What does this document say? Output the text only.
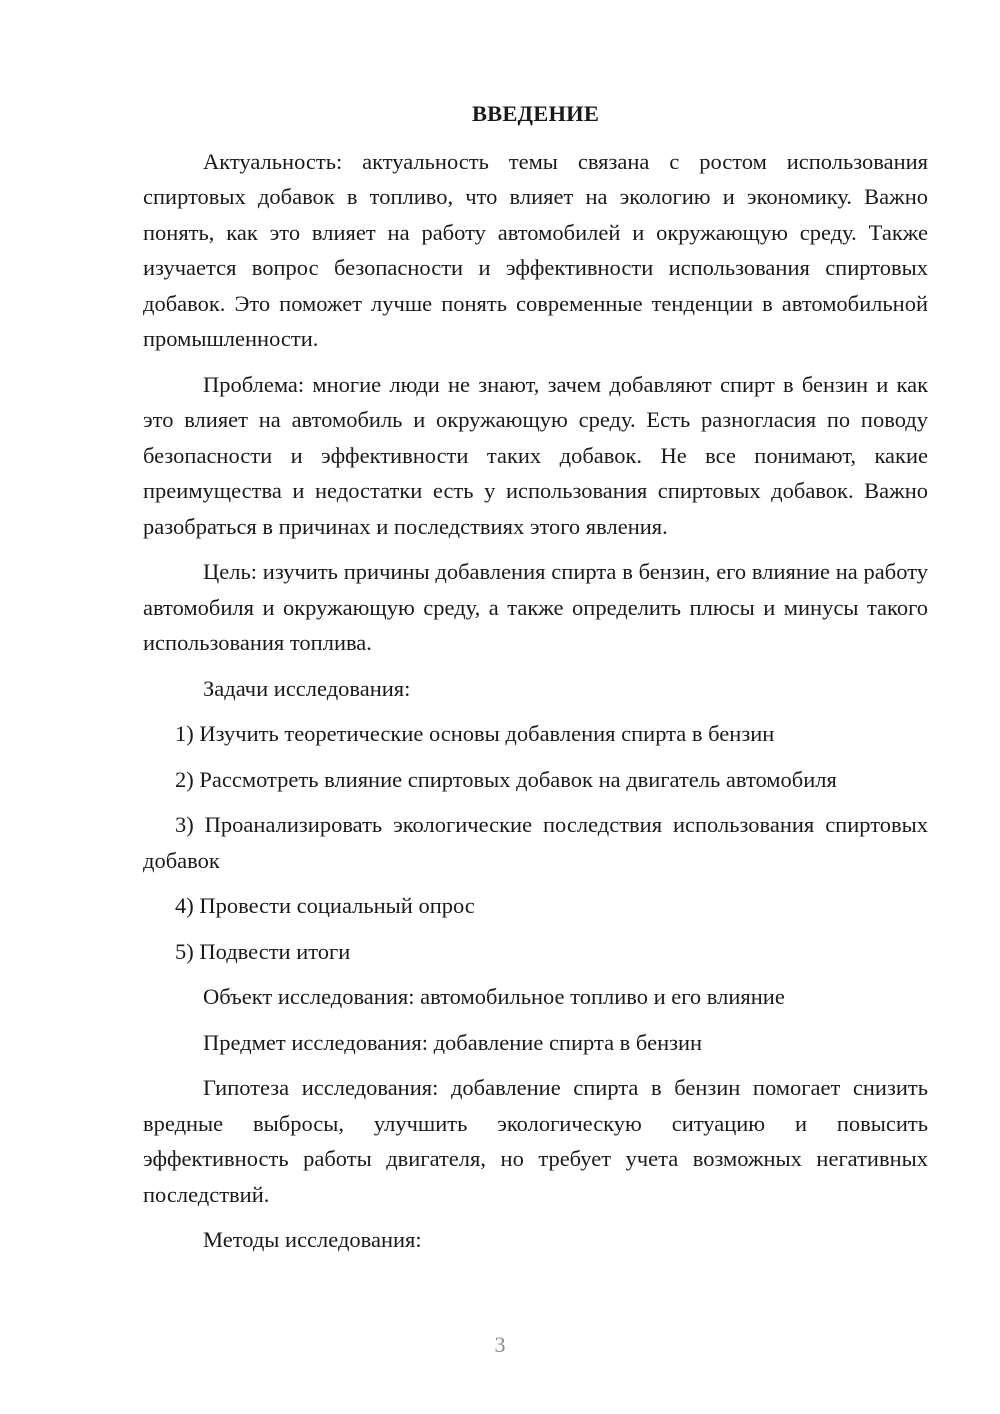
ВВЕДЕНИЕ

Актуальность: актуальность темы связана с ростом использования спиртовых добавок в топливо, что влияет на экологию и экономику. Важно понять, как это влияет на работу автомобилей и окружающую среду. Также изучается вопрос безопасности и эффективности использования спиртовых добавок. Это поможет лучше понять современные тенденции в автомобильной промышленности.

Проблема: многие люди не знают, зачем добавляют спирт в бензин и как это влияет на автомобиль и окружающую среду. Есть разногласия по поводу безопасности и эффективности таких добавок. Не все понимают, какие преимущества и недостатки есть у использования спиртовых добавок. Важно разобраться в причинах и последствиях этого явления.

Цель: изучить причины добавления спирта в бензин, его влияние на работу автомобиля и окружающую среду, а также определить плюсы и минусы такого использования топлива.

Задачи исследования:

1) Изучить теоретические основы добавления спирта в бензин

2) Рассмотреть влияние спиртовых добавок на двигатель автомобиля

3) Проанализировать экологические последствия использования спиртовых добавок

4) Провести социальный опрос

5) Подвести итоги

Объект исследования: автомобильное топливо и его влияние

Предмет исследования: добавление спирта в бензин

Гипотеза исследования: добавление спирта в бензин помогает снизить вредные выбросы, улучшить экологическую ситуацию и повысить эффективность работы двигателя, но требует учета возможных негативных последствий.

Методы исследования:

3
